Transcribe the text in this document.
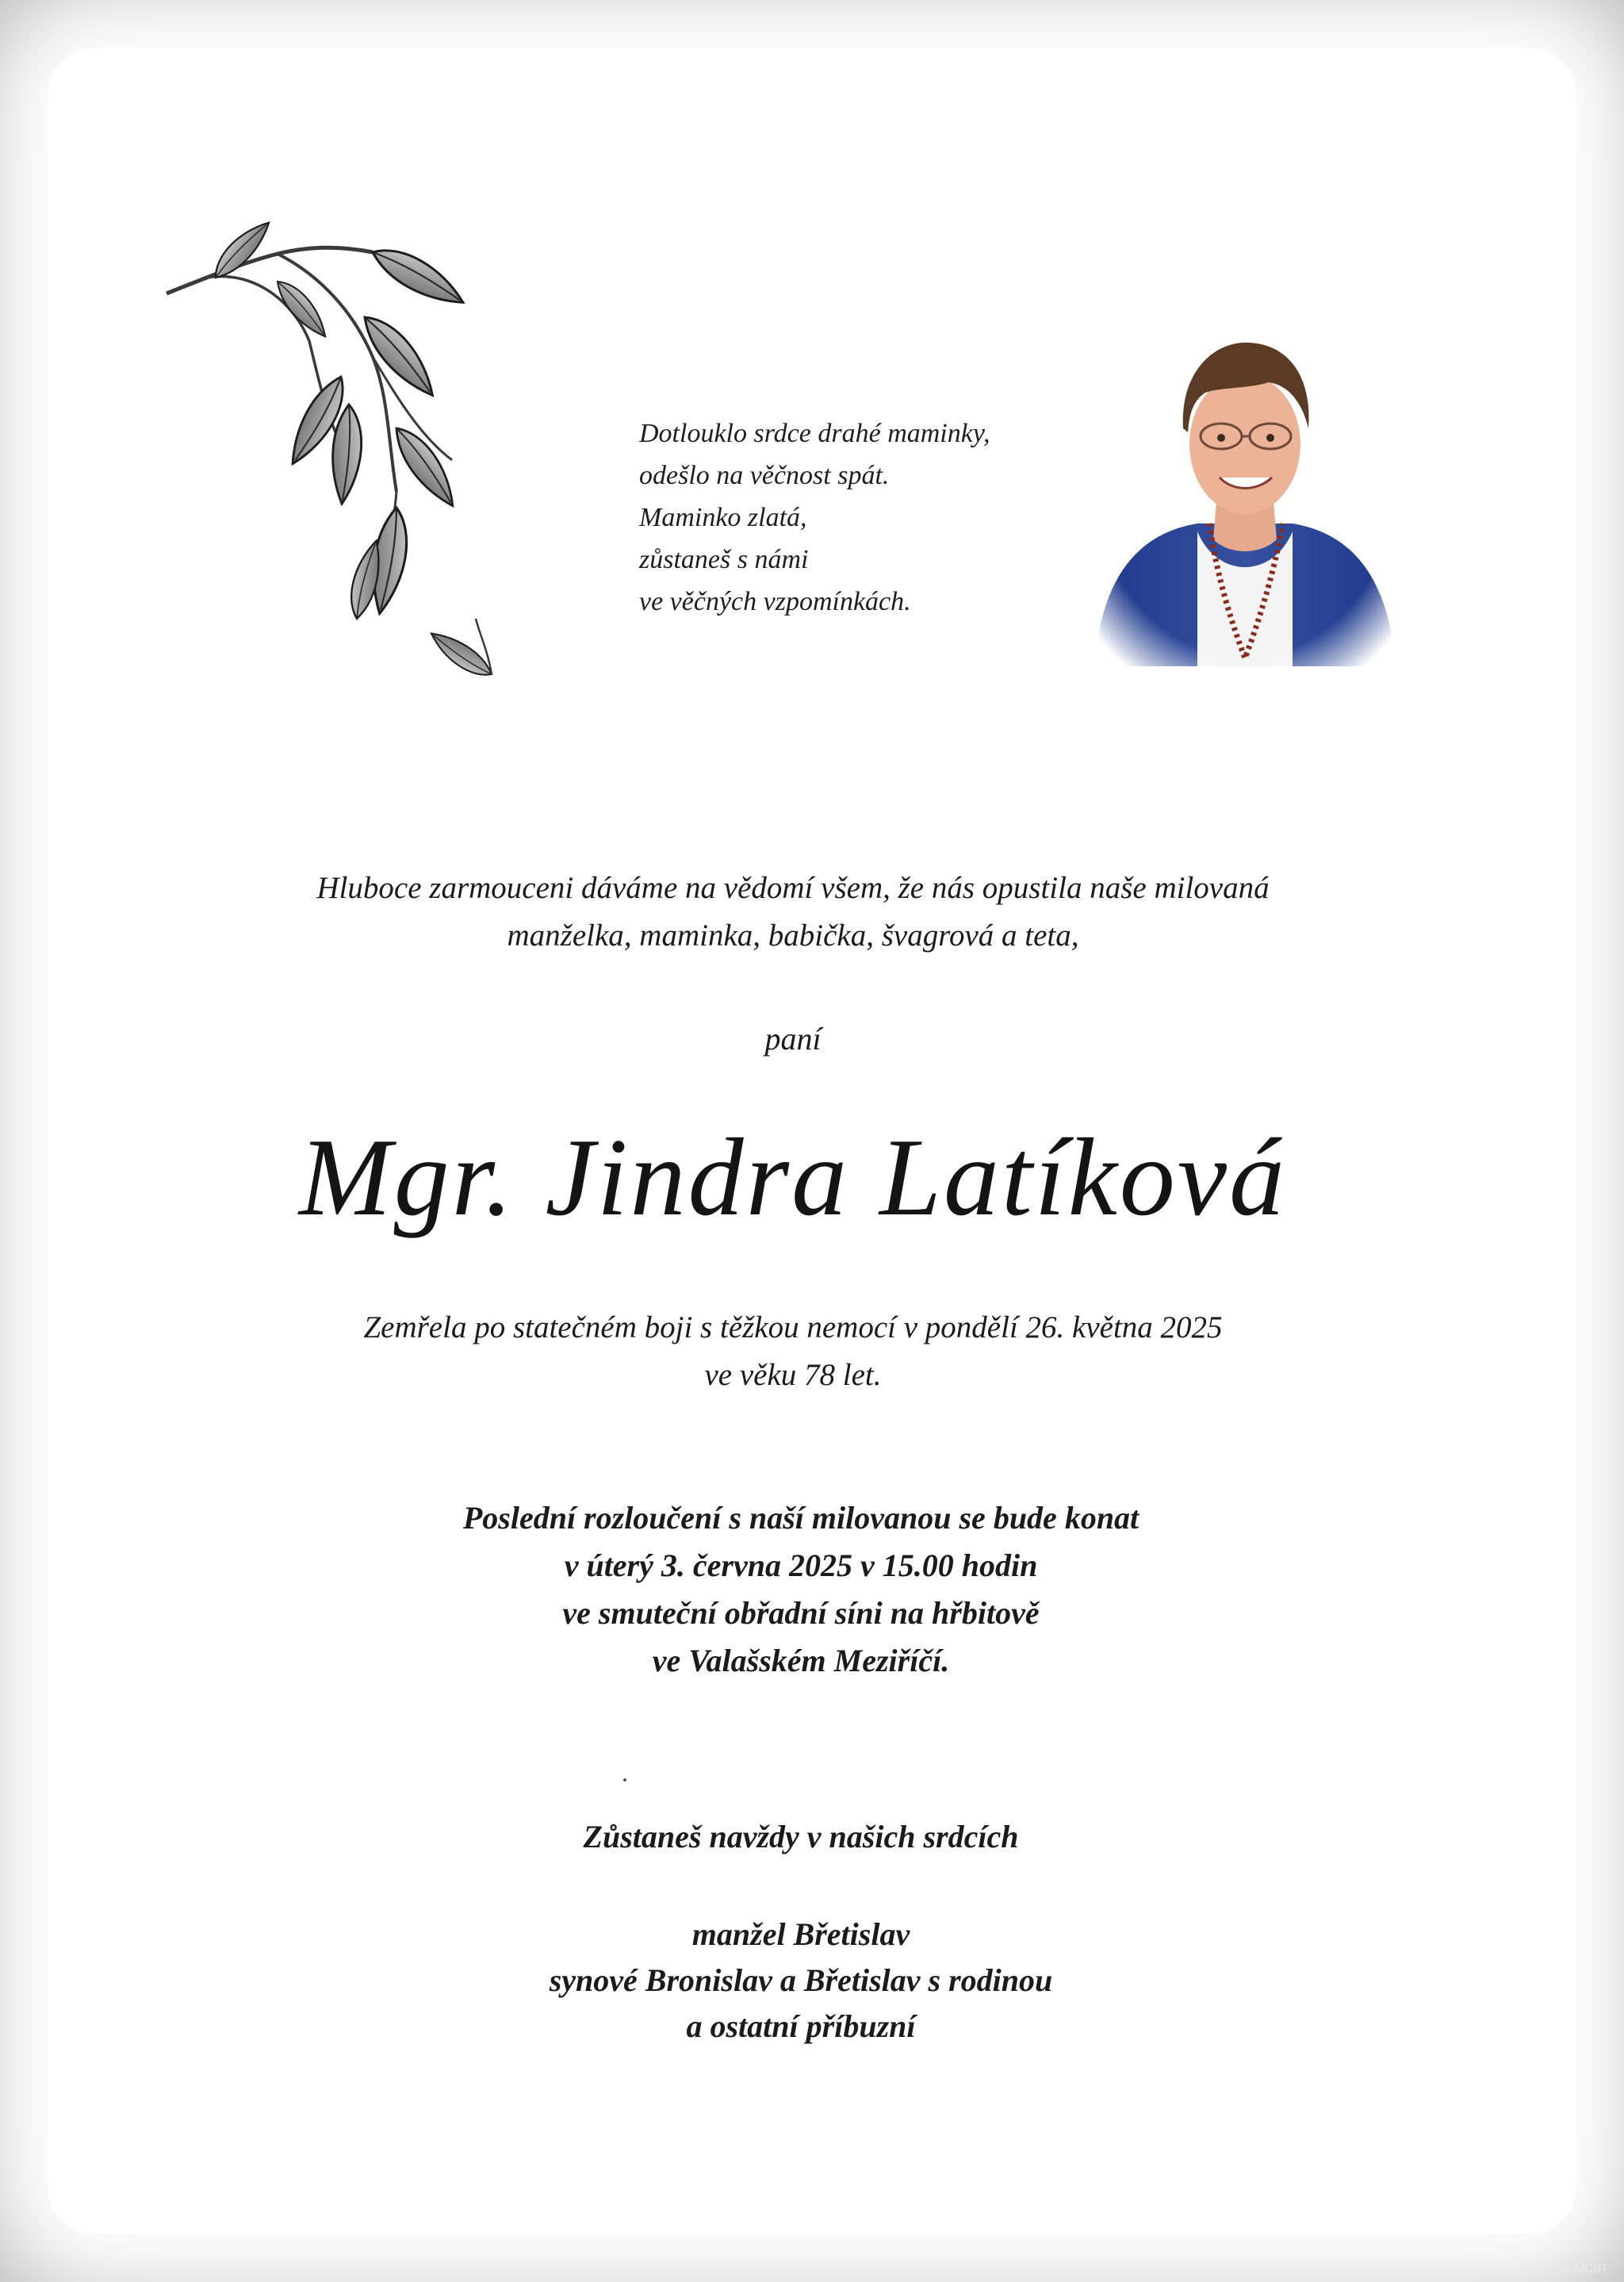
Dotlouklo srdce drahé maminky,
odešlo na věčnost spát.
Maminko zlatá,
zůstaneš s námi
ve věčných vzpomínkách.
Hluboce zarmouceni dáváme na vědomí všem, že nás opustila naše milovaná
manželka, maminka, babička, švagrová a teta,
paní
Mgr. Jindra Latíková
Zemřela po statečném boji s těžkou nemocí v pondělí 26. května 2025
ve věku 78 let.
Poslední rozloučení s naší milovanou se bude konat
v úterý 3. června 2025 v 15.00 hodin
ve smuteční obřadní síni na hřbitově
ve Valašském Meziříčí.
Zůstaneš navždy v našich srdcích
manžel Břetislav
synové Bronislav a Břetislav s rodinou
a ostatní příbuzní
© MCST
